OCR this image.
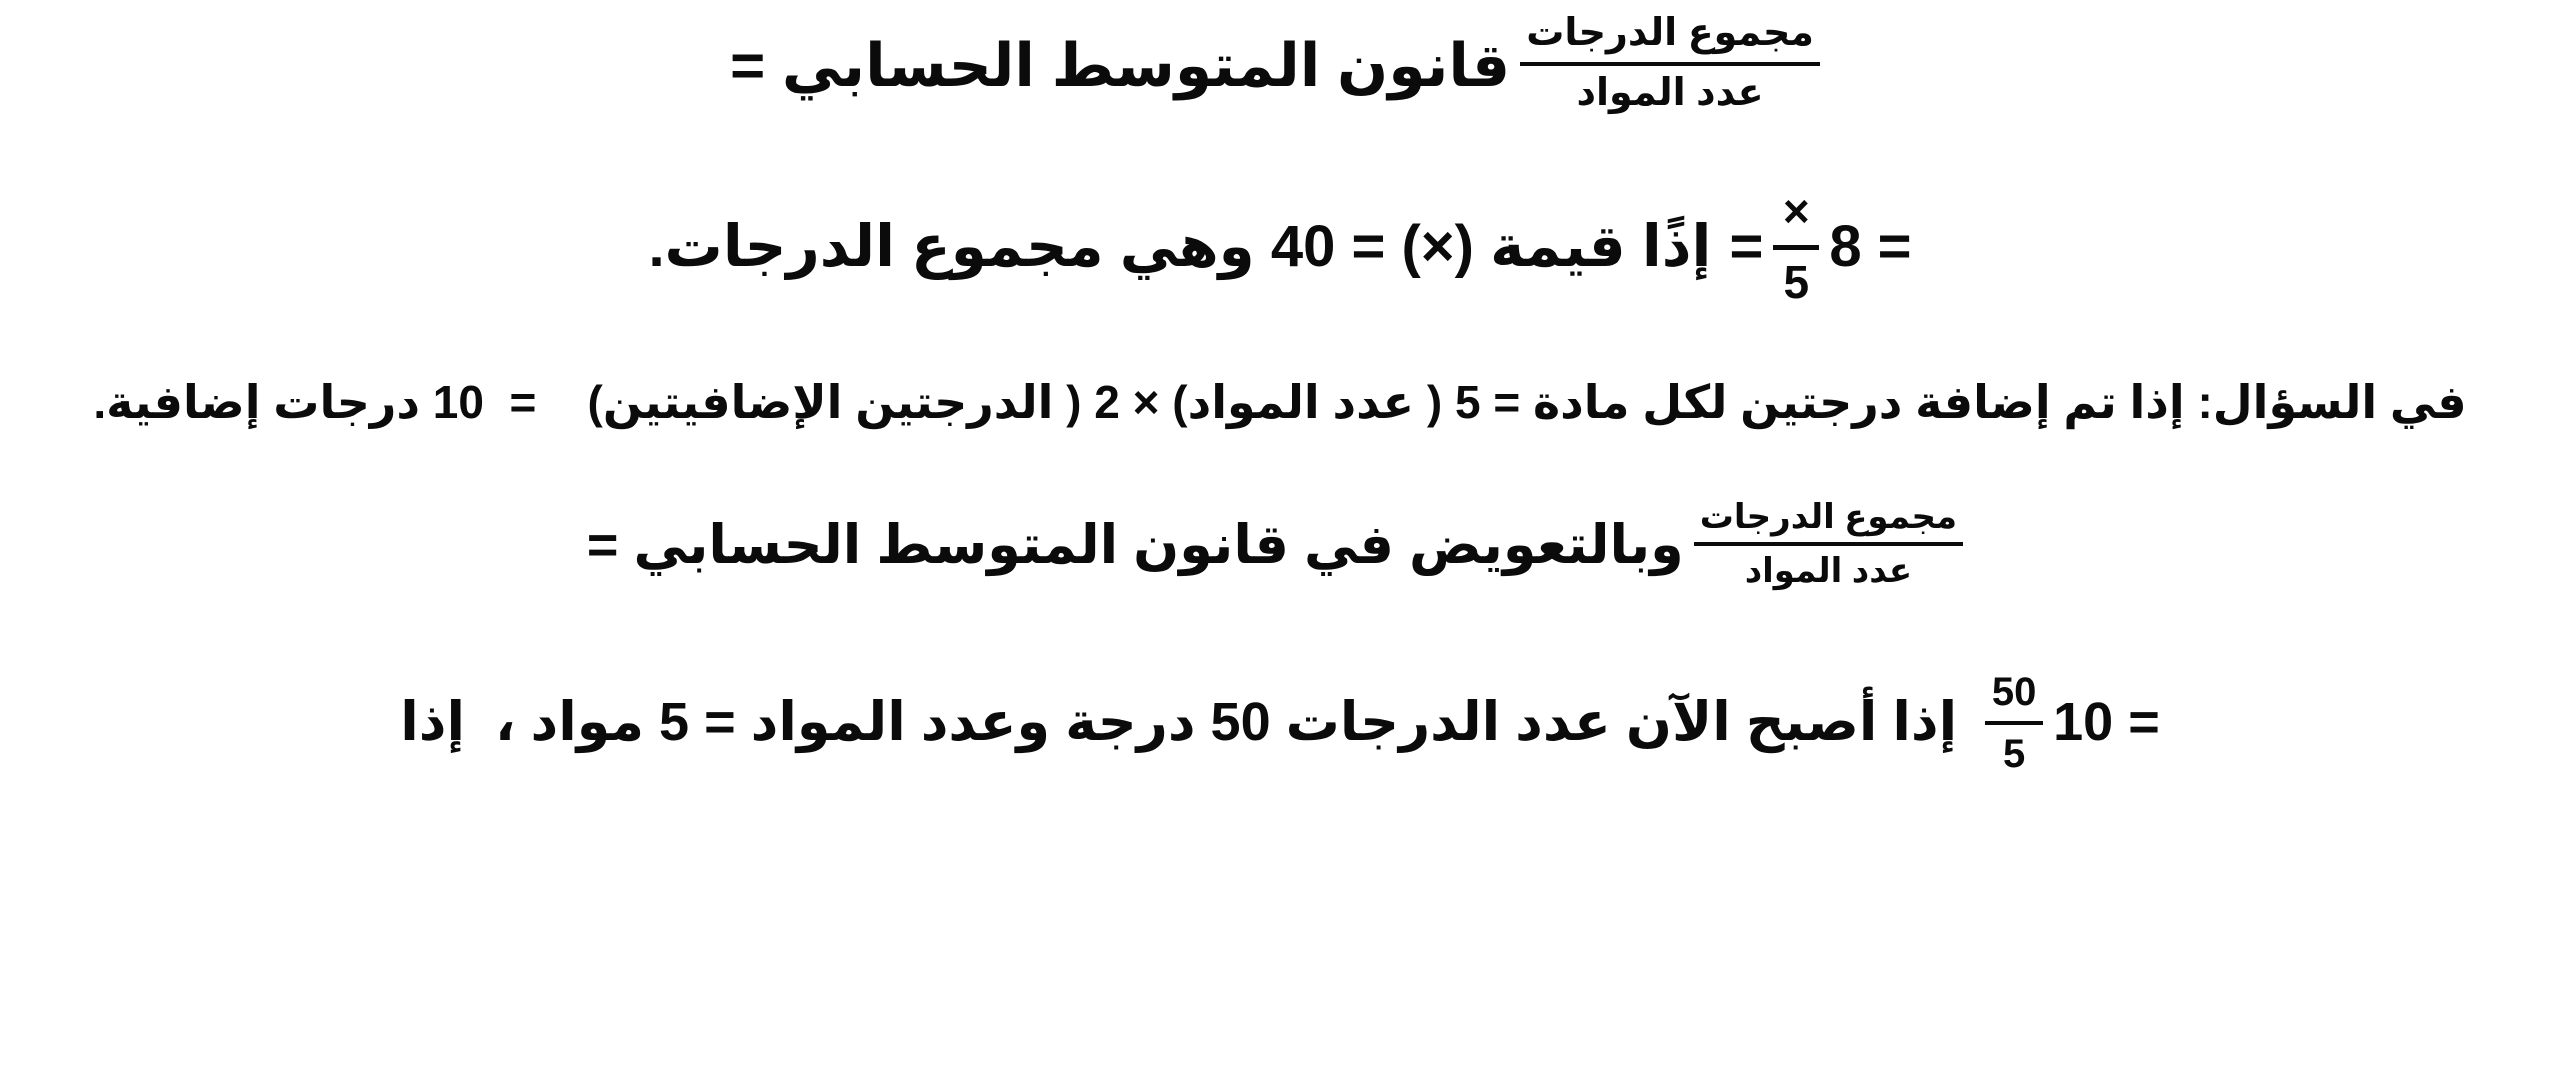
$\frac{\text{مجموع الدرجات}}{\text{عدد المواد}}$
قانون المتوسط الحسابي =
8 =
×
5
=
إذًا قيمة (×) = 40 وهي مجموع الدرجات.
في السؤال: إذا تم إضافة درجتين لكل مادة = 5 ( عدد المواد) × 2 ( الدرجتين الإضافيتين)    =  10 درجات إضافية.
$\frac{\text{مجموع الدرجات}}{\text{عدد المواد}}$
وبالتعويض في قانون المتوسط الحسابي =
10 =
$\frac{50}{5}$
إذا أصبح الآن عدد الدرجات 50 درجة وعدد المواد = 5 مواد ،  إذا
